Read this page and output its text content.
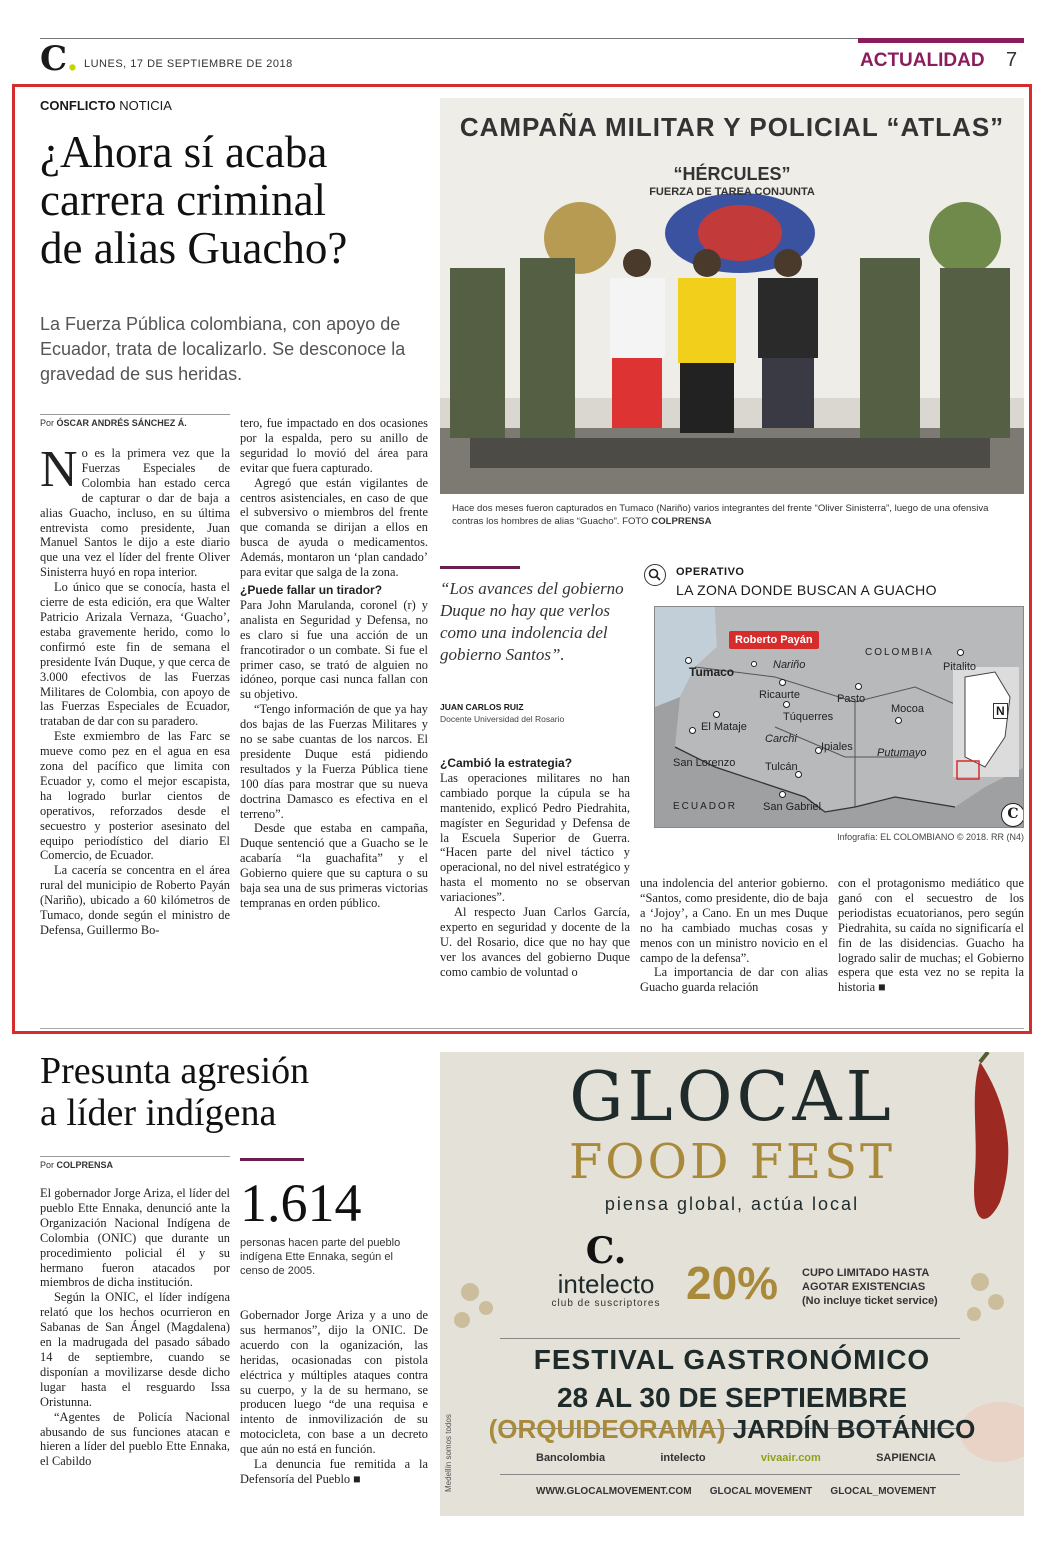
C. LUNES, 17 DE SEPTIEMBRE DE 2018	ACTUALIDAD 7
CONFLICTO NOTICIA
¿Ahora sí acaba
carrera criminal
de alias Guacho?
La Fuerza Pública colombiana, con apoyo de Ecuador, trata de localizarlo. Se desconoce la gravedad de sus heridas.
Por ÓSCAR ANDRÉS SÁNCHEZ Á.

No es la primera vez que la Fuerzas Especiales de Colombia han estado cerca de capturar o dar de baja a alias Guacho, incluso, en su última entrevista como presidente, Juan Manuel Santos le dijo a este diario que una vez el líder del frente Oliver Sinisterra huyó en ropa interior.

Lo único que se conocía, hasta el cierre de esta edición, era que Walter Patricio Arizala Vernaza, ‘Guacho’, estaba gravemente herido, como lo confirmó este fin de semana el presidente Iván Duque, y que cerca de 3.000 efectivos de las Fuerzas Militares de Colombia, con apoyo de las Fuerzas Especiales de Ecuador, trataban de dar con su paradero.

Este exmiembro de las Farc se mueve como pez en el agua en esa zona del pacífico que limita con Ecuador y, como el mejor escapista, ha logrado burlar cientos de operativos, reforzados desde el secuestro y posterior asesinato del equipo periodístico del diario El Comercio, de Ecuador.

La cacería se concentra en el área rural del municipio de Roberto Payán (Nariño), ubicado a 60 kilómetros de Tumaco, donde según el ministro de Defensa, Guillermo Bo-

tero, fue impactado en dos ocasiones por la espalda, pero su anillo de seguridad lo movió del área para evitar que fuera capturado.

Agregó que están vigilantes de centros asistenciales, en caso de que el subversivo o miembros del frente que comanda se dirijan a ellos en busca de ayuda o medicamentos. Además, montaron un ‘plan candado’ para evitar que salga de la zona.

¿Puede fallar un tirador?

Para John Marulanda, coronel (r) y analista en Seguridad y Defensa, no es claro si fue una acción de un francotirador o un combate. Si fue el primer caso, se trató de alguien no idóneo, porque casi nunca fallan con su objetivo.

“Tengo información de que ya hay dos bajas de las Fuerzas Militares y no se sabe cuantas de los narcos. El presidente Duque está pidiendo resultados y la Fuerza Pública tiene 100 días para mostrar que su nueva doctrina Damasco es efectiva en el terreno”.

Desde que estaba en campaña, Duque sentenció que a Guacho se le acabaría “la guachafita” y el Gobierno quiere que su captura o su baja sea una de sus primeras victorias tempranas en orden público.

CAMPAÑA MILITAR Y POLICIAL “ATLAS”
“HÉRCULES”
FUERZA DE TAREA CONJUNTA
Hace dos meses fueron capturados en Tumaco (Nariño) varios integrantes del frente “Oliver Sinisterra”, luego de una ofensiva contras los hombres de alias “Guacho”. FOTO COLPRENSA
“Los avances del gobierno Duque no hay que verlos como una indolencia del gobierno Santos”.
JUAN CARLOS RUIZ
Docente Universidad del Rosario
¿Cambió la estrategia?

Las operaciones militares no han cambiado porque la cúpula se ha mantenido, explicó Pedro Piedrahita, magíster en Seguridad y Defensa de la Escuela Superior de Guerra. “Hacen parte del nivel táctico y operacional, no del nivel estratégico y hasta el momento no se observan variaciones”.

Al respecto Juan Carlos García, experto en seguridad y docente de la U. del Rosario, dice que no hay que ver los avances del gobierno Duque como cambio de voluntad o

OPERATIVO
LA ZONA DONDE BUSCAN A GUACHO
Roberto Payán
Tumaco	Nariño
COLOMBIA
Pitalito
Ricaurte	Pasto
Túquerres
Mocoa
El Mataje
Carchi
Ipiales Putumayo
San Lorenzo	Tulcán
ECUADOR San Gabriel
N
C
Infografía: EL COLOMBIANO © 2018. RR (N4)

una indolencia del anterior gobierno. “Santos, como presidente, dio de baja a ‘Jojoy’, a Cano. En un mes Duque no ha cambiado muchas cosas y menos con un ministro novicio en el campo de la defensa”.

La importancia de dar con alias Guacho guarda relación

con el protagonismo mediático que ganó con el secuestro de los periodistas ecuatorianos, pero según Piedrahita, su caída no significaría el fin de las disidencias. Guacho ha logrado salir de muchas; el Gobierno espera que esta vez no se repita la historia ■

Presunta agresión
a líder indígena
Por COLPRENSA

El gobernador Jorge Ariza, el líder del pueblo Ette Ennaka, denunció ante la Organización Nacional Indígena de Colombia (ONIC) que durante un procedimiento policial él y su hermano fueron atacados por miembros de dicha institución.

Según la ONIC, el líder indígena relató que los hechos ocurrieron en Sabanas de San Ángel (Magdalena) en la madrugada del pasado sábado 14 de septiembre, cuando se disponían a movilizarse desde dicho lugar hasta el resguardo Issa Oristunna.

“Agentes de Policía Nacional abusando de sus funciones atacan e hieren a líder del pueblo Ette Ennaka, el Cabildo

1.614
personas hacen parte del pueblo indígena Ette Ennaka, según el censo de 2005.

Gobernador Jorge Ariza y a uno de sus hermanos”, dijo la ONIC. De acuerdo con la oganización, las heridas, ocasionadas con pistola eléctrica y múltiples ataques contra su cuerpo, y la de su hermano, se producen luego “de una requisa e intento de inmovilización de su motocicleta, con base a un decreto que aún no está en función.

La denuncia fue remitida a la Defensoría del Pueblo ■

GLOCAL
FOOD FEST
piensa global, actúa local
C.
intelecto
club de suscriptores 20% CUPO LIMITADO HASTA
AGOTAR EXISTENCIAS
(No incluye ticket service)
FESTIVAL GASTRONÓMICO
28 AL 30 DE SEPTIEMBRE
(ORQUIDEORAMA) JARDÍN BOTÁNICO
Bancolombia	intelecto	vivaair.com	SAPIENCIA
WWW.GLOCALMOVEMENT.COM GLOCAL MOVEMENT GLOCAL_MOVEMENT
Medellín somos todos
